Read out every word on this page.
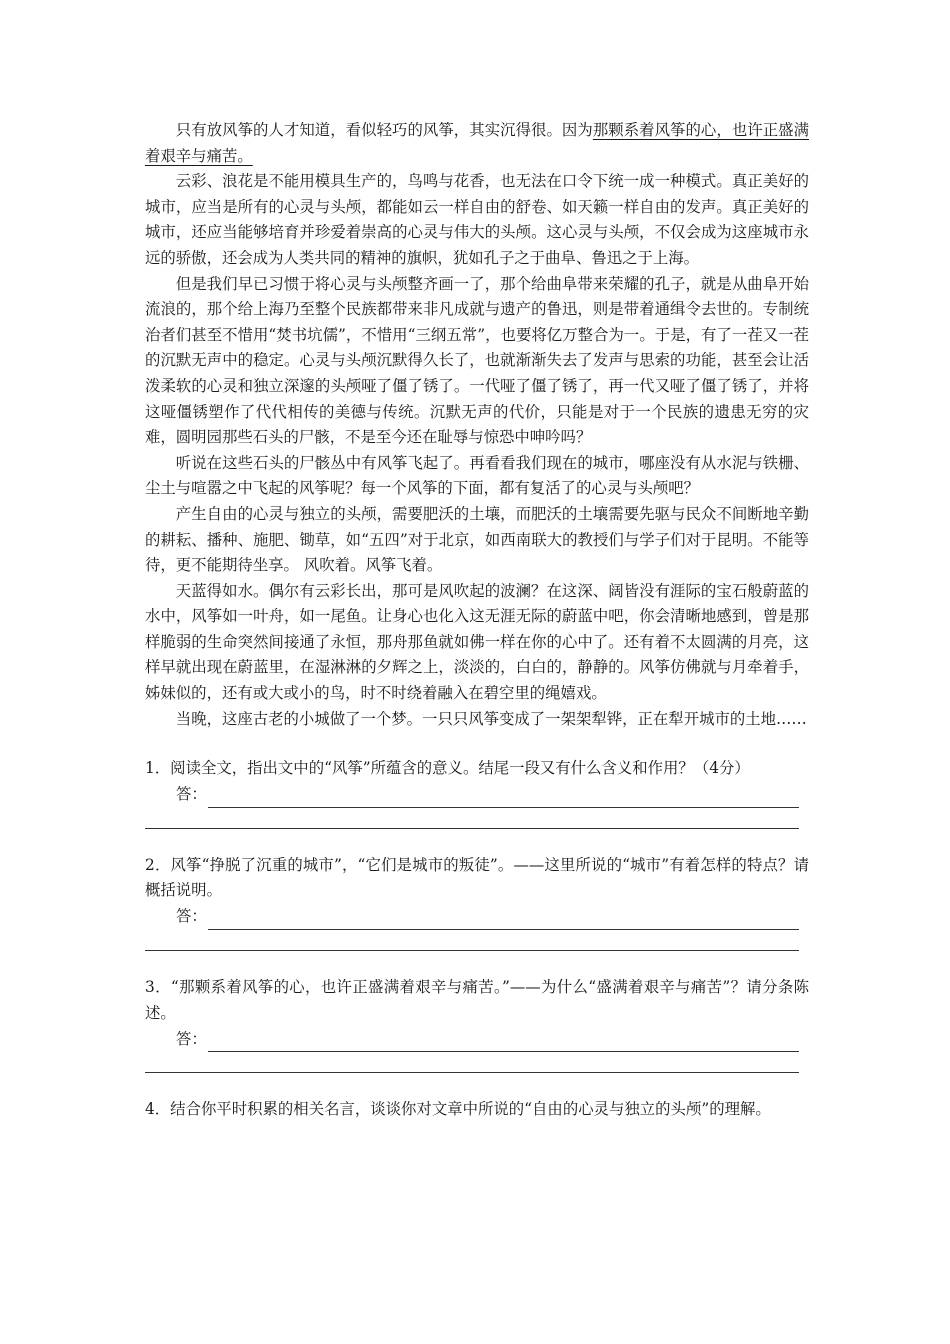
只有放风筝的人才知道，看似轻巧的风筝，其实沉得很。因为那颗系着风筝的心，也许正盛满着艰辛与痛苦。

云彩、浪花是不能用模具生产的，鸟鸣与花香，也无法在口令下统一成一种模式。真正美好的城市，应当是所有的心灵与头颅，都能如云一样自由的舒卷、如天籁一样自由的发声。真正美好的城市，还应当能够培育并珍爱着崇高的心灵与伟大的头颅。这心灵与头颅，不仅会成为这座城市永远的骄傲，还会成为人类共同的精神的旗帜，犹如孔子之于曲阜、鲁迅之于上海。

但是我们早已习惯于将心灵与头颅整齐画一了，那个给曲阜带来荣耀的孔子，就是从曲阜开始流浪的，那个给上海乃至整个民族都带来非凡成就与遗产的鲁迅，则是带着通缉令去世的。专制统治者们甚至不惜用“焚书坑儒”，不惜用“三纲五常”，也要将亿万整合为一。于是，有了一茬又一茬的沉默无声中的稳定。心灵与头颅沉默得久长了，也就渐渐失去了发声与思索的功能，甚至会让活泼柔软的心灵和独立深邃的头颅哑了僵了锈了。一代哑了僵了锈了，再一代又哑了僵了锈了，并将这哑僵锈塑作了代代相传的美德与传统。沉默无声的代价，只能是对于一个民族的遗患无穷的灾难，圆明园那些石头的尸骸，不是至今还在耻辱与惊恐中呻吟吗？

听说在这些石头的尸骸丛中有风筝飞起了。再看看我们现在的城市，哪座没有从水泥与铁栅、尘土与喧嚣之中飞起的风筝呢？每一个风筝的下面，都有复活了的心灵与头颅吧？

产生自由的心灵与独立的头颅，需要肥沃的土壤，而肥沃的土壤需要先驱与民众不间断地辛勤的耕耘、播种、施肥、锄草，如“五四”对于北京，如西南联大的教授们与学子们对于昆明。不能等待，更不能期待坐享。 风吹着。风筝飞着。

天蓝得如水。偶尔有云彩长出，那可是风吹起的波澜？在这深、阔皆没有涯际的宝石般蔚蓝的水中，风筝如一叶舟，如一尾鱼。让身心也化入这无涯无际的蔚蓝中吧，你会清晰地感到，曾是那样脆弱的生命突然间接通了永恒，那舟那鱼就如佛一样在你的心中了。还有着不太圆满的月亮，这样早就出现在蔚蓝里，在湿淋淋的夕辉之上，淡淡的，白白的，静静的。风筝仿佛就与月牵着手，姊妹似的，还有或大或小的鸟，时不时绕着融入在碧空里的绳嬉戏。

当晚，这座古老的小城做了一个梦。一只只风筝变成了一架架犁铧，正在犁开城市的土地……

1．阅读全文，指出文中的“风筝”所蕴含的意义。结尾一段又有什么含义和作用？（4分）

答：

2．风筝“挣脱了沉重的城市”，“它们是城市的叛徒”。——这里所说的“城市”有着怎样的特点？请概括说明。

答：

3．“那颗系着风筝的心，也许正盛满着艰辛与痛苦。”——为什么“盛满着艰辛与痛苦”？请分条陈述。

答：

4．结合你平时积累的相关名言，谈谈你对文章中所说的“自由的心灵与独立的头颅”的理解。
